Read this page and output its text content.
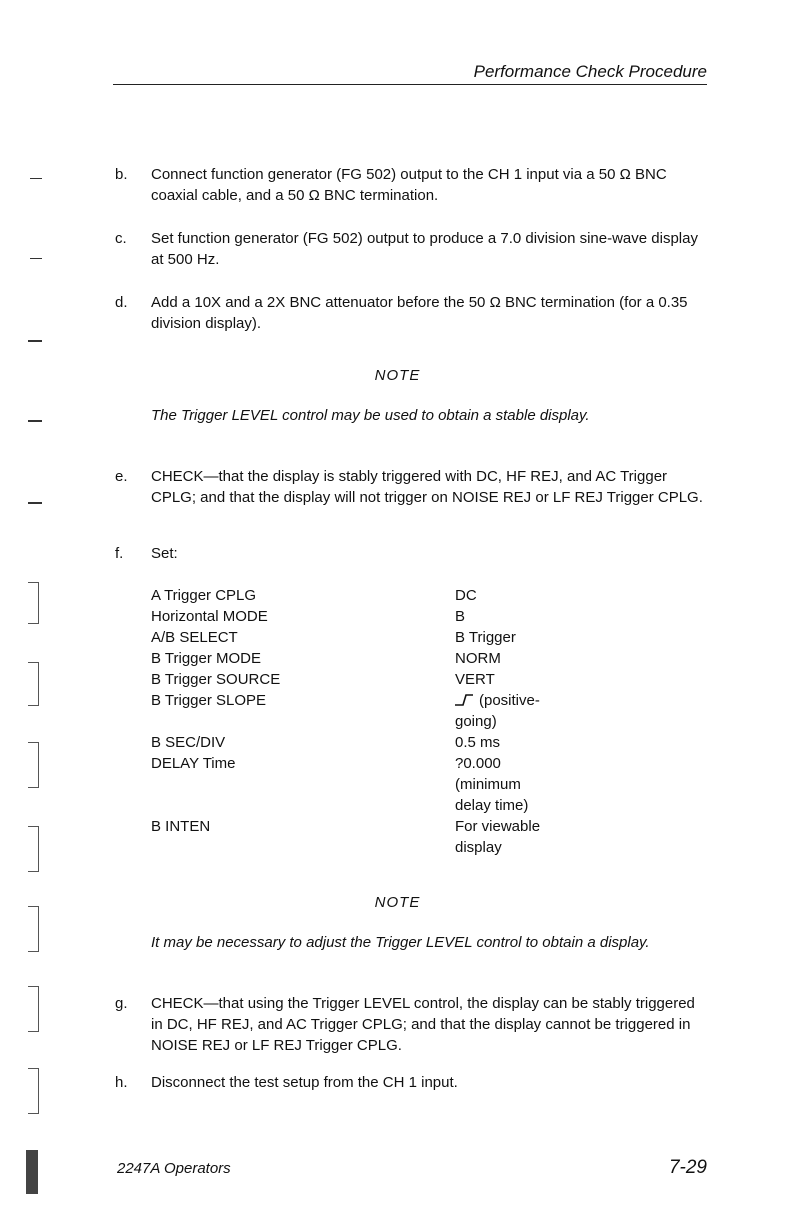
Performance Check Procedure
b.	Connect function generator (FG 502) output to the CH 1 input via a 50 Ω BNC coaxial cable, and a 50 Ω BNC termination.
c.	Set function generator (FG 502) output to produce a 7.0 division sine-wave display at 500 Hz.
d.	Add a 10X and a 2X BNC attenuator before the 50 Ω BNC termination (for a 0.35 division display).
NOTE
The Trigger LEVEL control may be used to obtain a stable display.
e.	CHECK—that the display is stably triggered with DC, HF REJ, and AC Trigger CPLG; and that the display will not trigger on NOISE REJ or LF REJ Trigger CPLG.
f.	Set:
A Trigger CPLG	DC
Horizontal MODE	B
A/B SELECT	B Trigger
B Trigger MODE	NORM
B Trigger SOURCE	VERT
B Trigger SLOPE	(positive-
going)
B SEC/DIV	0.5 ms
DELAY Time	?0.000
(minimum
delay time)
B INTEN	For viewable
display
NOTE
It may be necessary to adjust the Trigger LEVEL control to obtain a display.
g.	CHECK—that using the Trigger LEVEL control, the display can be stably triggered in DC, HF REJ, and AC Trigger CPLG; and that the display cannot be triggered in NOISE REJ or LF REJ Trigger CPLG.
h.	Disconnect the test setup from the CH 1 input.
2247A Operators	7-29
